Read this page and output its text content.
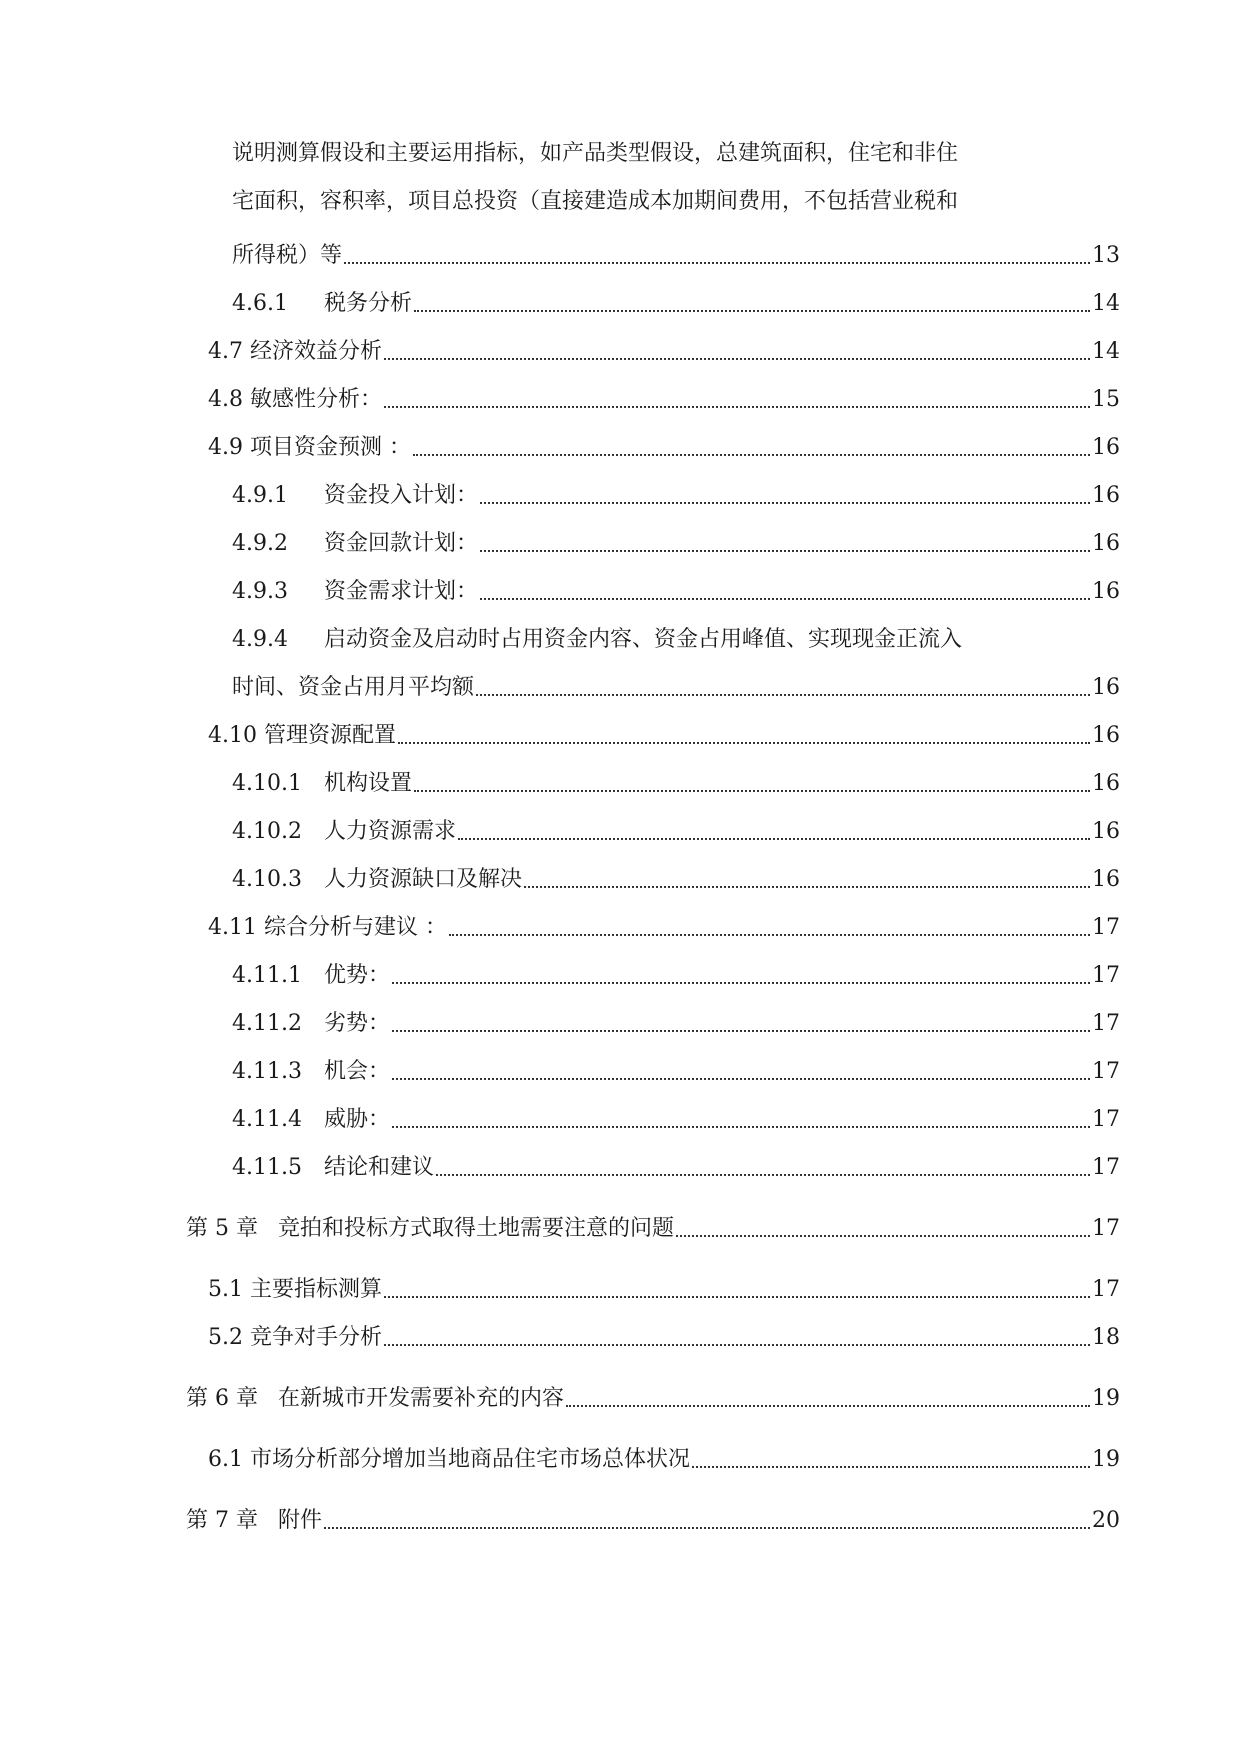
说明测算假设和主要运用指标，如产品类型假设，总建筑面积，住宅和非住
宅面积，容积率，项目总投资（直接建造成本加期间费用，不包括营业税和
所得税）等	13
4.6.1	税务分析	14
4.7 经济效益分析	14
4.8 敏感性分析：	15
4.9 项目资金预测 ：	16
4.9.1	资金投入计划：	16
4.9.2	资金回款计划：	16
4.9.3	资金需求计划：	16
4.9.4	启动资金及启动时占用资金内容、资金占用峰值、实现现金正流入
时间、资金占用月平均额	16
4.10 管理资源配置	16
4.10.1	机构设置	16
4.10.2	人力资源需求	16
4.10.3	人力资源缺口及解决	16
4.11 综合分析与建议 ：	17
4.11.1	优势：	17
4.11.2	劣势：	17
4.11.3	机会：	17
4.11.4	威胁：	17
4.11.5	结论和建议	17
第 5 章 竞拍和投标方式取得土地需要注意的问题	17
5.1 主要指标测算	17
5.2 竞争对手分析	18
第 6 章 在新城市开发需要补充的内容	19
6.1 市场分析部分增加当地商品住宅市场总体状况	19
第 7 章 附件	20
